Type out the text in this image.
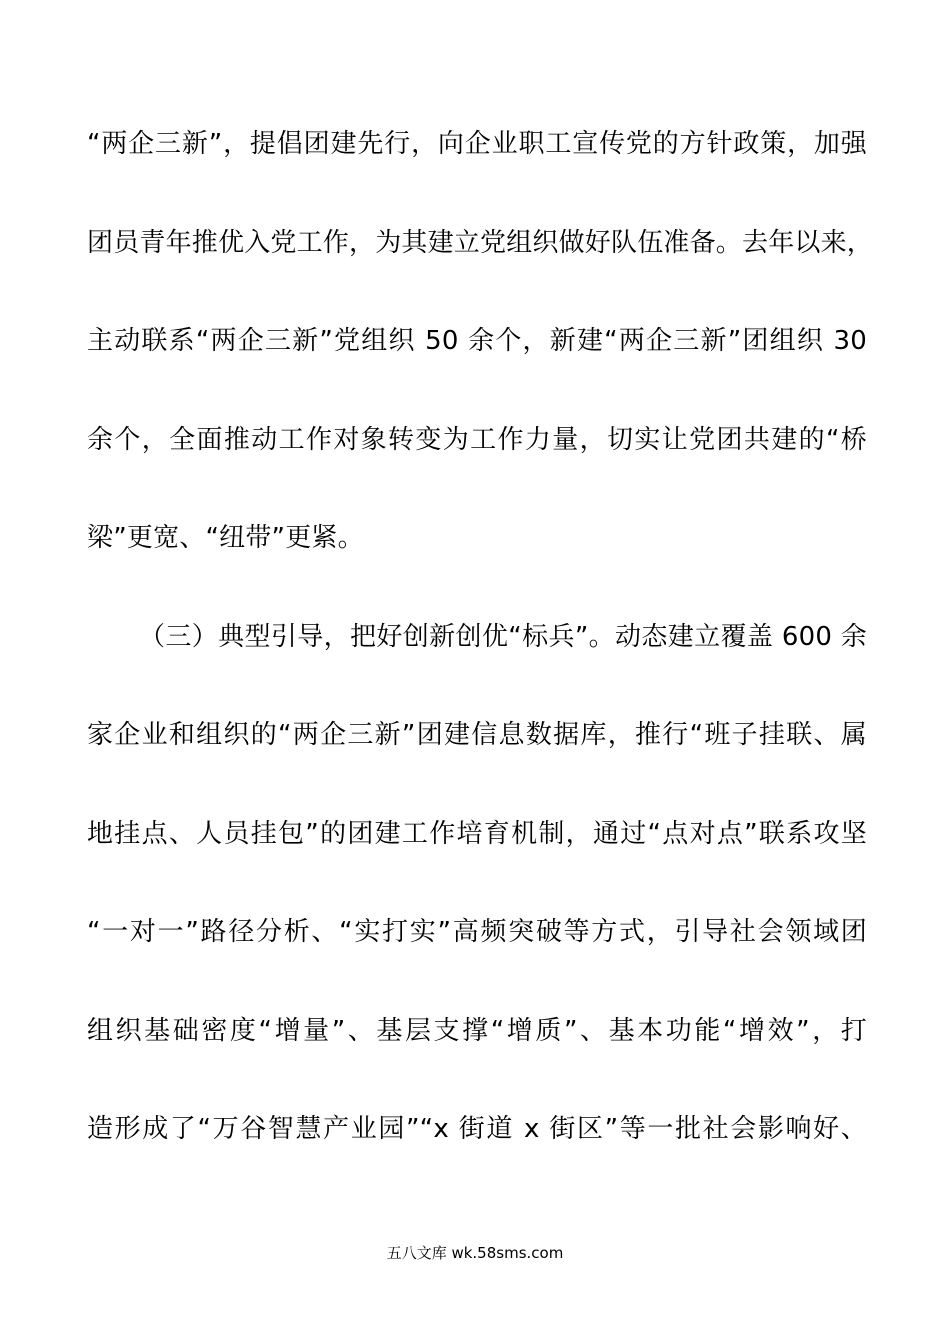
“两企三新”，提倡团建先行，向企业职工宣传党的方针政策，加强
团员青年推优入党工作，为其建立党组织做好队伍准备。去年以来，
主动联系“两企三新”党组织 50 余个，新建“两企三新”团组织 30
余个，全面推动工作对象转变为工作力量，切实让党团共建的“桥
梁”更宽、“纽带”更紧。
（三）典型引导，把好创新创优“标兵”。动态建立覆盖 600 余
家企业和组织的“两企三新”团建信息数据库，推行“班子挂联、属
地挂点、人员挂包”的团建工作培育机制，通过“点对点”联系攻坚
“一对一”路径分析、“实打实”高频突破等方式，引导社会领域团
组织基础密度“增量”、基层支撑“增质”、基本功能“增效”，打
造形成了“万谷智慧产业园”“x 街道 x 街区”等一批社会影响好、
五八文库 wk.58sms.com
